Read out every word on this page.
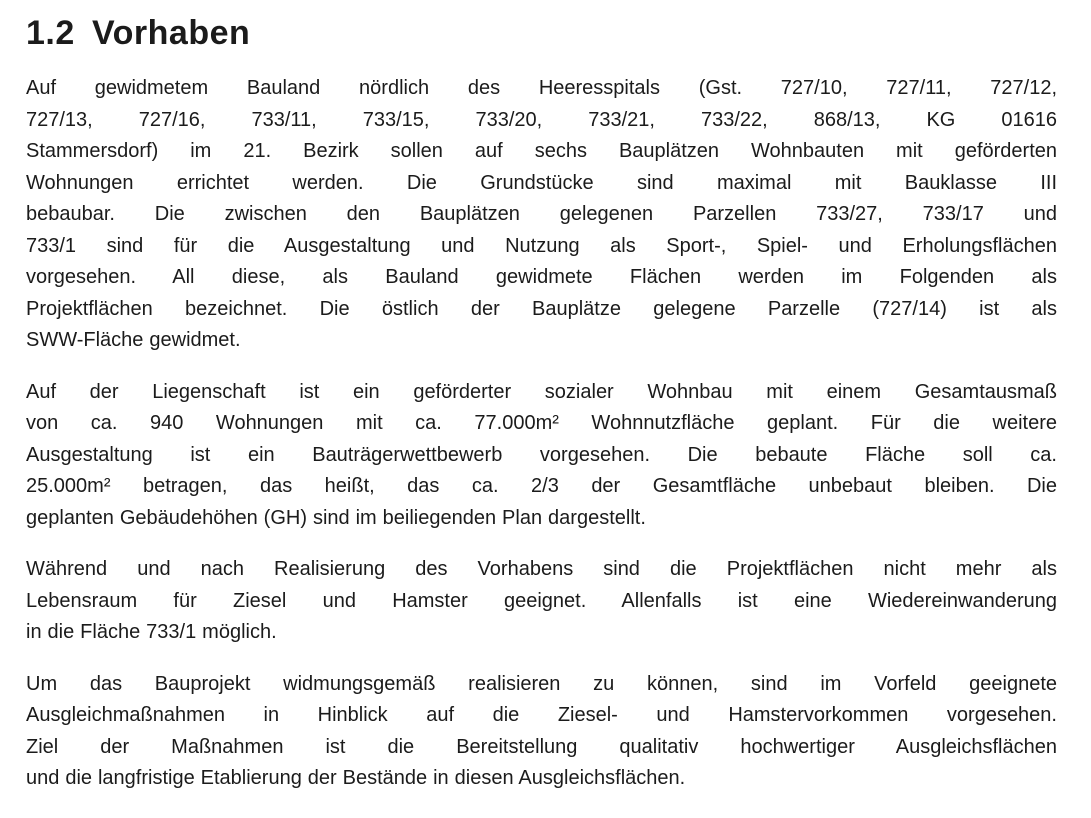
1.2 Vorhaben
Auf gewidmetem Bauland nördlich des Heeresspitals (Gst. 727/10, 727/11, 727/12,
727/13, 727/16, 733/11, 733/15, 733/20, 733/21, 733/22, 868/13, KG 01616
Stammersdorf) im 21. Bezirk sollen auf sechs Bauplätzen Wohnbauten mit geförderten
Wohnungen errichtet werden. Die Grundstücke sind maximal mit Bauklasse III
bebaubar. Die zwischen den Bauplätzen gelegenen Parzellen 733/27, 733/17 und
733/1 sind für die Ausgestaltung und Nutzung als Sport-, Spiel- und Erholungsflächen
vorgesehen. All diese, als Bauland gewidmete Flächen werden im Folgenden als
Projektflächen bezeichnet. Die östlich der Bauplätze gelegene Parzelle (727/14) ist als
SWW-Fläche gewidmet.
Auf der Liegenschaft ist ein geförderter sozialer Wohnbau mit einem Gesamtausmaß
von ca. 940 Wohnungen mit ca. 77.000m² Wohnnutzfläche geplant. Für die weitere
Ausgestaltung ist ein Bauträgerwettbewerb vorgesehen. Die bebaute Fläche soll ca.
25.000m² betragen, das heißt, das ca. 2/3 der Gesamtfläche unbebaut bleiben. Die
geplanten Gebäudehöhen (GH) sind im beiliegenden Plan dargestellt.
Während und nach Realisierung des Vorhabens sind die Projektflächen nicht mehr als
Lebensraum für Ziesel und Hamster geeignet. Allenfalls ist eine Wiedereinwanderung
in die Fläche 733/1 möglich.
Um das Bauprojekt widmungsgemäß realisieren zu können, sind im Vorfeld geeignete
Ausgleichmaßnahmen in Hinblick auf die Ziesel- und Hamstervorkommen vorgesehen.
Ziel der Maßnahmen ist die Bereitstellung qualitativ hochwertiger Ausgleichsflächen
und die langfristige Etablierung der Bestände in diesen Ausgleichsflächen.
